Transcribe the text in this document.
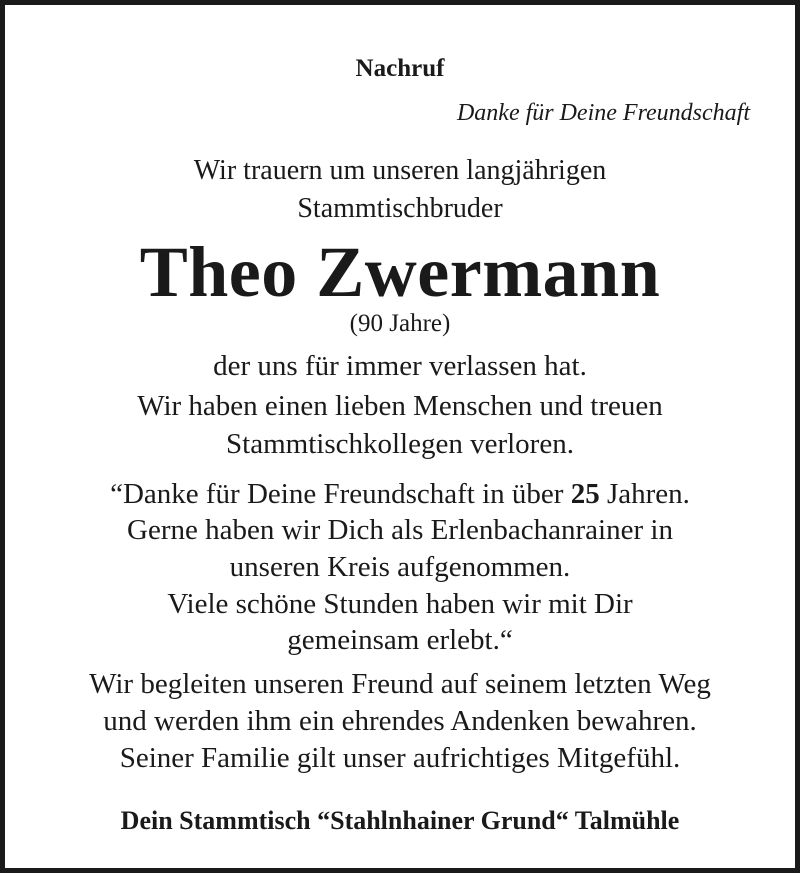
Nachruf
Danke für Deine Freundschaft
Wir trauern um unseren langjährigen
Stammtischbruder
Theo Zwermann
(90 Jahre)
der uns für immer verlassen hat.
Wir haben einen lieben Menschen und treuen
Stammtischkollegen verloren.
“Danke für Deine Freundschaft in über 25 Jahren.
Gerne haben wir Dich als Erlenbachanrainer in
unseren Kreis aufgenommen.
Viele schöne Stunden haben wir mit Dir
gemeinsam erlebt.“
Wir begleiten unseren Freund auf seinem letzten Weg
und werden ihm ein ehrendes Andenken bewahren.
Seiner Familie gilt unser aufrichtiges Mitgefühl.
Dein Stammtisch “Stahlnhainer Grund“ Talmühle
